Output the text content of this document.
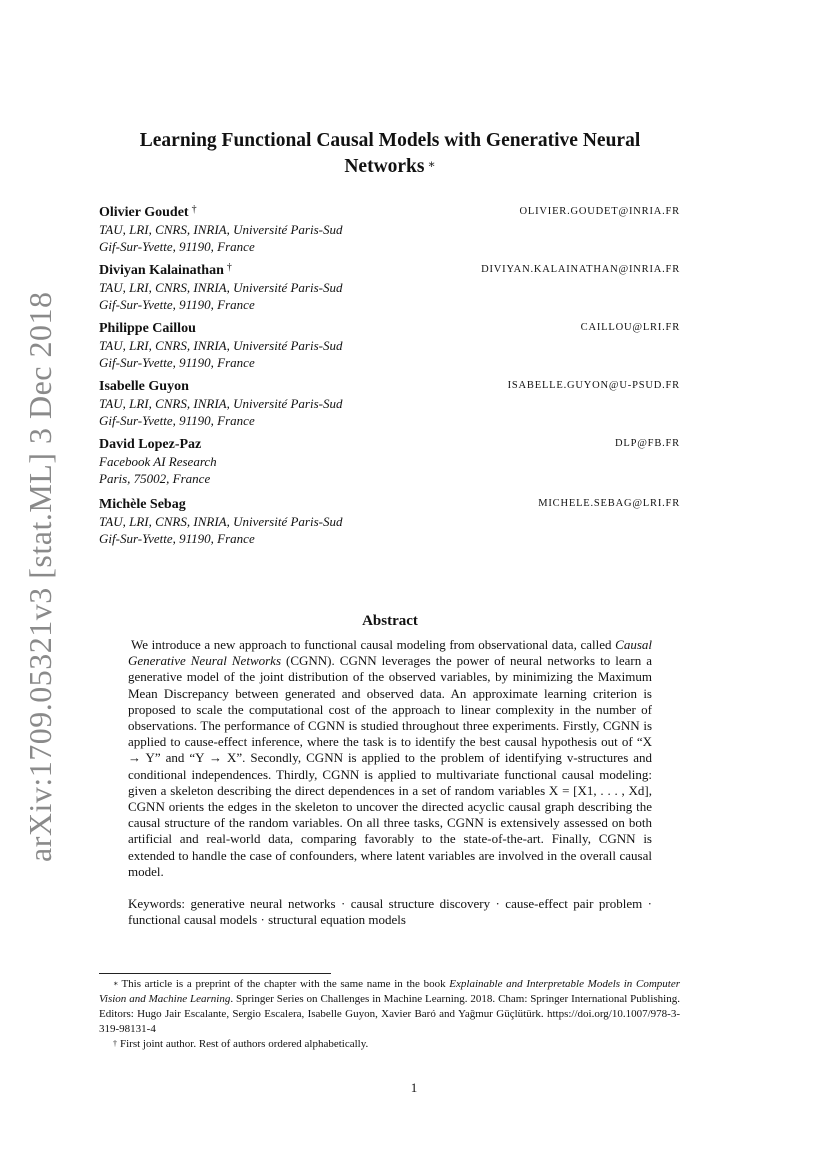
arXiv:1709.05321v3 [stat.ML] 3 Dec 2018
Learning Functional Causal Models with Generative Neural Networks ∗
Olivier Goudet †	OLIVIER.GOUDET@INRIA.FR
TAU, LRI, CNRS, INRIA, Université Paris-Sud
Gif-Sur-Yvette, 91190, France
Diviyan Kalainathan †	DIVIYAN.KALAINATHAN@INRIA.FR
TAU, LRI, CNRS, INRIA, Université Paris-Sud
Gif-Sur-Yvette, 91190, France
Philippe Caillou	CAILLOU@LRI.FR
TAU, LRI, CNRS, INRIA, Université Paris-Sud
Gif-Sur-Yvette, 91190, France
Isabelle Guyon	ISABELLE.GUYON@U-PSUD.FR
TAU, LRI, CNRS, INRIA, Université Paris-Sud
Gif-Sur-Yvette, 91190, France
David Lopez-Paz	DLP@FB.FR
Facebook AI Research
Paris, 75002, France
Michèle Sebag	MICHELE.SEBAG@LRI.FR
TAU, LRI, CNRS, INRIA, Université Paris-Sud
Gif-Sur-Yvette, 91190, France
Abstract

We introduce a new approach to functional causal modeling from observational data, called Causal Generative Neural Networks (CGNN). CGNN leverages the power of neural networks to learn a generative model of the joint distribution of the observed variables, by minimizing the Maximum Mean Discrepancy between generated and observed data. An approximate learning criterion is proposed to scale the computational cost of the approach to linear complexity in the number of observations. The performance of CGNN is studied throughout three experiments. Firstly, CGNN is applied to cause-effect inference, where the task is to identify the best causal hypothesis out of “X → Y” and “Y → X”. Secondly, CGNN is applied to the problem of identifying v-structures and conditional independences. Thirdly, CGNN is applied to multivariate functional causal modeling: given a skeleton describing the direct dependences in a set of random variables X = [X1, . . . , Xd], CGNN orients the edges in the skeleton to uncover the directed acyclic causal graph describing the causal structure of the random variables. On all three tasks, CGNN is extensively assessed on both artificial and real-world data, comparing favorably to the state-of-the-art. Finally, CGNN is extended to handle the case of confounders, where latent variables are involved in the overall causal model.

Keywords: generative neural networks · causal structure discovery · cause-effect pair problem · functional causal models · structural equation models

∗ This article is a preprint of the chapter with the same name in the book Explainable and Interpretable Models in Computer Vision and Machine Learning. Springer Series on Challenges in Machine Learning. 2018. Cham: Springer International Publishing. Editors: Hugo Jair Escalante, Sergio Escalera, Isabelle Guyon, Xavier Baró and Yağmur Güçlütürk. https://doi.org/10.1007/978-3-319-98131-4

† First joint author. Rest of authors ordered alphabetically.

1
